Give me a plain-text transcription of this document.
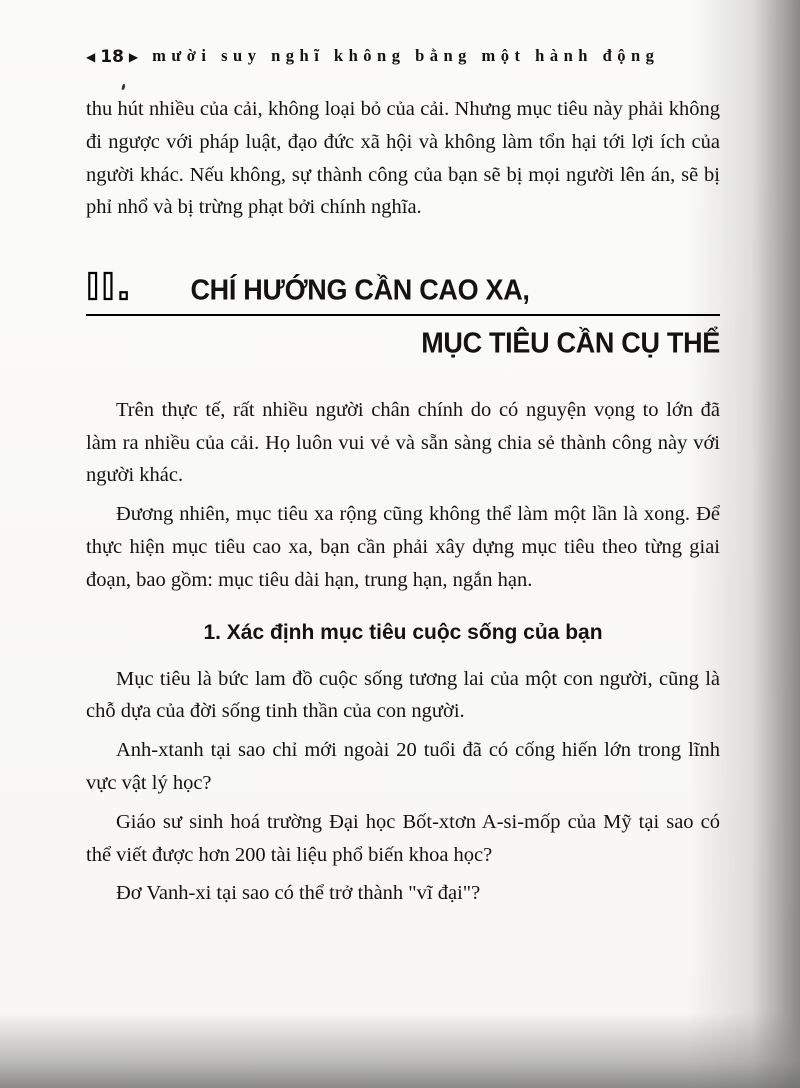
◀ 18 ▶ mười suy nghĩ không bằng một hành động

thu hút nhiều của cải, không loại bỏ của cải. Nhưng mục tiêu này phải không đi ngược với pháp luật, đạo đức xã hội và không làm tổn hại tới lợi ích của người khác. Nếu không, sự thành công của bạn sẽ bị mọi người lên án, sẽ bị phỉ nhổ và bị trừng phạt bởi chính nghĩa.

II. CHÍ HƯỚNG CẦN CAO XA,
MỤC TIÊU CẦN CỤ THỂ

Trên thực tế, rất nhiều người chân chính do có nguyện vọng to lớn đã làm ra nhiều của cải. Họ luôn vui vẻ và sẵn sàng chia sẻ thành công này với người khác.

Đương nhiên, mục tiêu xa rộng cũng không thể làm một lần là xong. Để thực hiện mục tiêu cao xa, bạn cần phải xây dựng mục tiêu theo từng giai đoạn, bao gồm: mục tiêu dài hạn, trung hạn, ngắn hạn.

1. Xác định mục tiêu cuộc sống của bạn

Mục tiêu là bức lam đồ cuộc sống tương lai của một con người, cũng là chỗ dựa của đời sống tinh thần của con người.

Anh-xtanh tại sao chỉ mới ngoài 20 tuổi đã có cống hiến lớn trong lĩnh vực vật lý học?

Giáo sư sinh hoá trường Đại học Bốt-xtơn A-si-mốp của Mỹ tại sao có thể viết được hơn 200 tài liệu phổ biến khoa học?

Đơ Vanh-xi tại sao có thể trở thành "vĩ đại"?
